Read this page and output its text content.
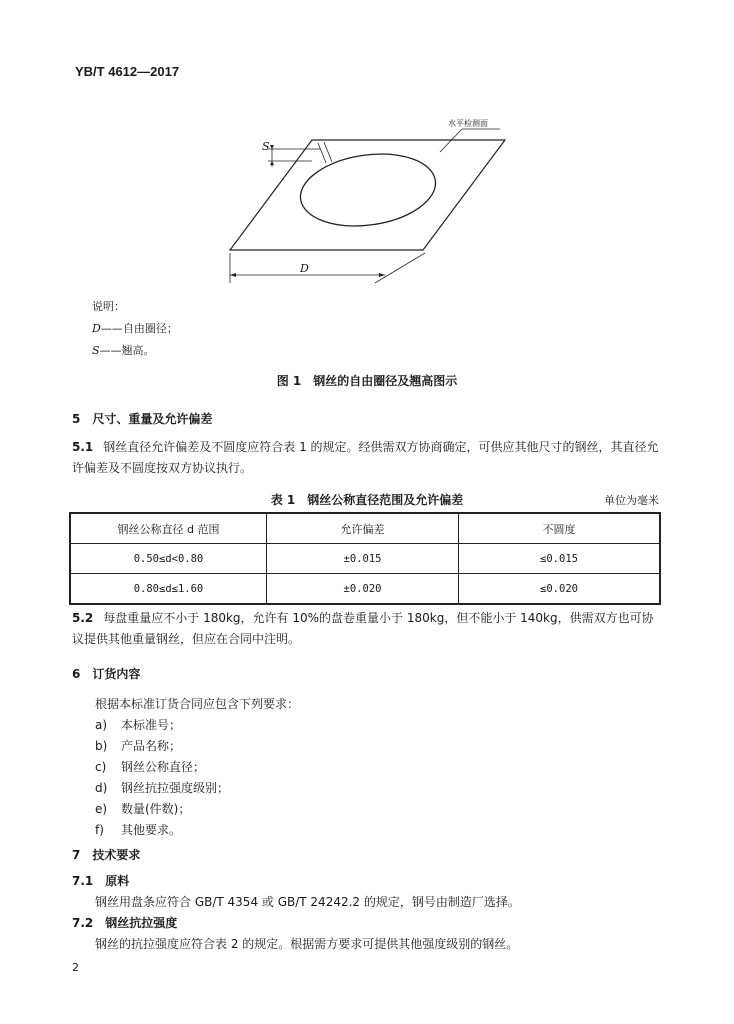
YB/T 4612—2017
水平检测面
S
D
说明：
D——自由圈径；
S——翘高。
图 1　钢丝的自由圈径及翘高图示
5　尺寸、重量及允许偏差
5.1 钢丝直径允许偏差及不圆度应符合表 1 的规定。经供需双方协商确定，可供应其他尺寸的钢丝，其直径允许偏差及不圆度按双方协议执行。
表 1　钢丝公称直径范围及允许偏差	单位为毫米
钢丝公称直径 d 范围	允许偏差	不圆度
0.50≤d<0.80	±0.015	≤0.015
0.80≤d≤1.60	±0.020	≤0.020
5.2 每盘重量应不小于 180kg，允许有 10%的盘卷重量小于 180kg，但不能小于 140kg，供需双方也可协议提供其他重量钢丝，但应在合同中注明。
6　订货内容
根据本标准订货合同应包含下列要求：
a) 本标准号；
b) 产品名称；
c) 钢丝公称直径；
d) 钢丝抗拉强度级别；
e) 数量(件数)；
f) 其他要求。
7　技术要求
7.1　原料
钢丝用盘条应符合 GB/T 4354 或 GB/T 24242.2 的规定，钢号由制造厂选择。
7.2　钢丝抗拉强度
钢丝的抗拉强度应符合表 2 的规定。根据需方要求可提供其他强度级别的钢丝。
2
